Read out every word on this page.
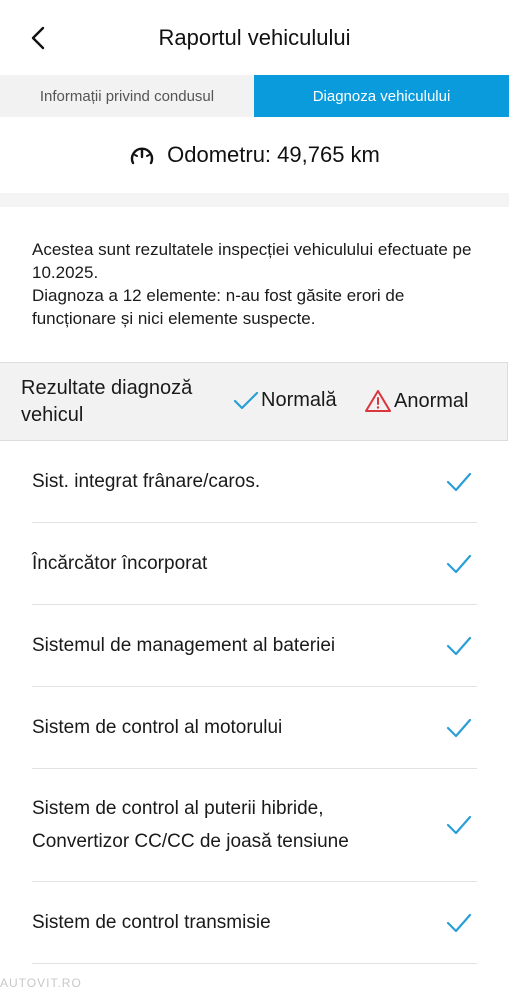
Raportul vehiculului
Informații privind condusul	Diagnoza vehiculului
Odometru: 49,765 km

Acestea sunt rezultatele inspecției vehiculului efectuate pe 10.2025.

Diagnoza a 12 elemente: n-au fost găsite erori de funcționare și nici elemente suspecte.

Rezultate diagnoză vehicul
Normală	Anormal
Sist. integrat frânare/caros.
Încărcător încorporat
Sistemul de management al bateriei
Sistem de control al motorului
Sistem de control al puterii hibride, Convertizor CC/CC de joasă tensiune
Sistem de control transmisie
AUTOVIT.RO
